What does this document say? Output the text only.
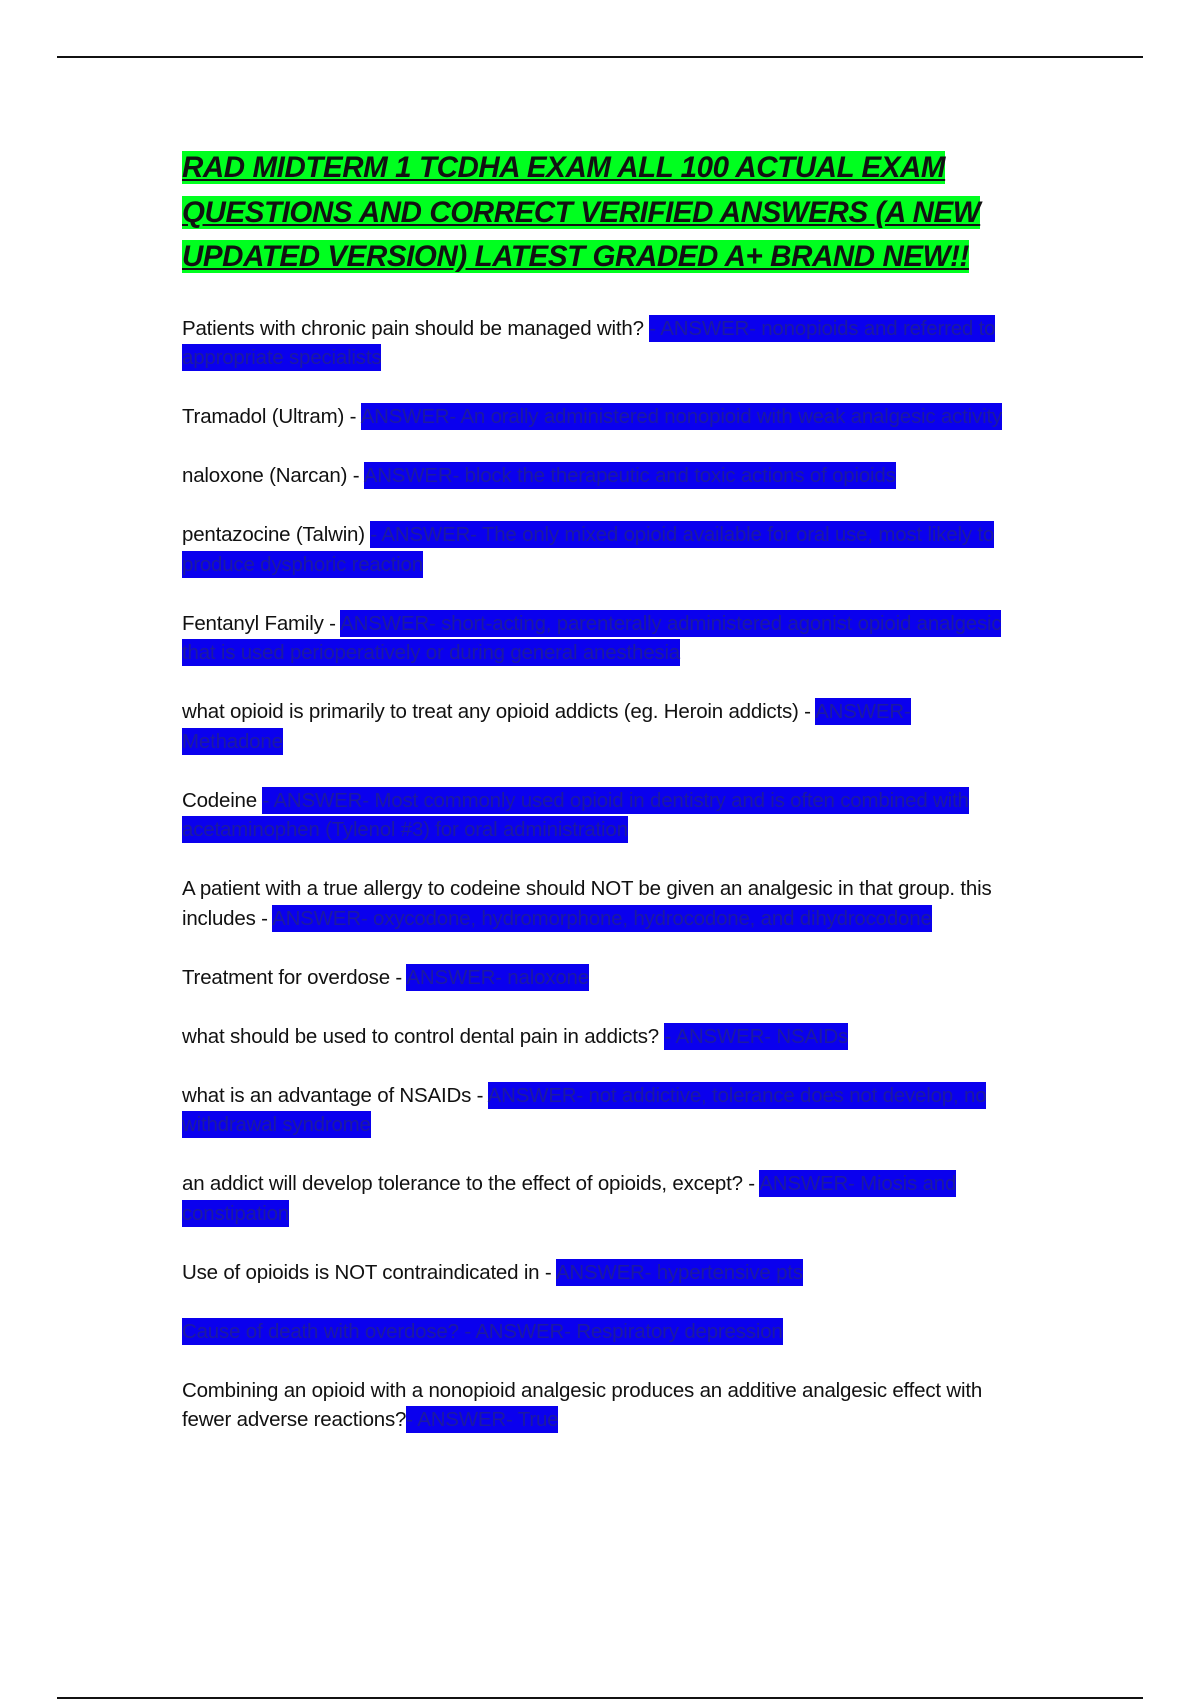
RAD MIDTERM 1 TCDHA EXAM ALL 100 ACTUAL EXAM QUESTIONS AND CORRECT VERIFIED ANSWERS (A NEW UPDATED VERSION) LATEST GRADED A+ BRAND NEW!!
Patients with chronic pain should be managed with? - ANSWER- nonopioids and referred to appropriate specialists
Tramadol (Ultram) - ANSWER- An orally administered nonopioid with weak analgesic activity
naloxone (Narcan) - ANSWER- block the therapeutic and toxic actions of opioids
pentazocine (Talwin) - ANSWER- The only mixed opioid available for oral use, most likely to produce dysphoric reaction
Fentanyl Family - ANSWER- short-acting, parenterally administered agonist opioid analgesic that is used perioperatively or during general anesthesia
what opioid is primarily to treat any opioid addicts (eg. Heroin addicts) - ANSWER- Methadone
Codeine - ANSWER- Most commonly used opioid in dentistry and is often combined with acetaminophen (Tylenol #3) for oral administration
A patient with a true allergy to codeine should NOT be given an analgesic in that group. this includes - ANSWER- oxycodone, hydromorphone, hydrocodone, and dihydrocodone
Treatment for overdose - ANSWER- naloxone
what should be used to control dental pain in addicts? - ANSWER- NSAIDs
what is an advantage of NSAIDs - ANSWER- not addictive, tolerance does not develop, no withdrawal syndrome
an addict will develop tolerance to the effect of opioids, except? - ANSWER- Miosis and constipation
Use of opioids is NOT contraindicated in - ANSWER- hypertensive pts
Cause of death with overdose? - ANSWER- Respiratory depression
Combining an opioid with a nonopioid analgesic produces an additive analgesic effect with fewer adverse reactions?- ANSWER- True
